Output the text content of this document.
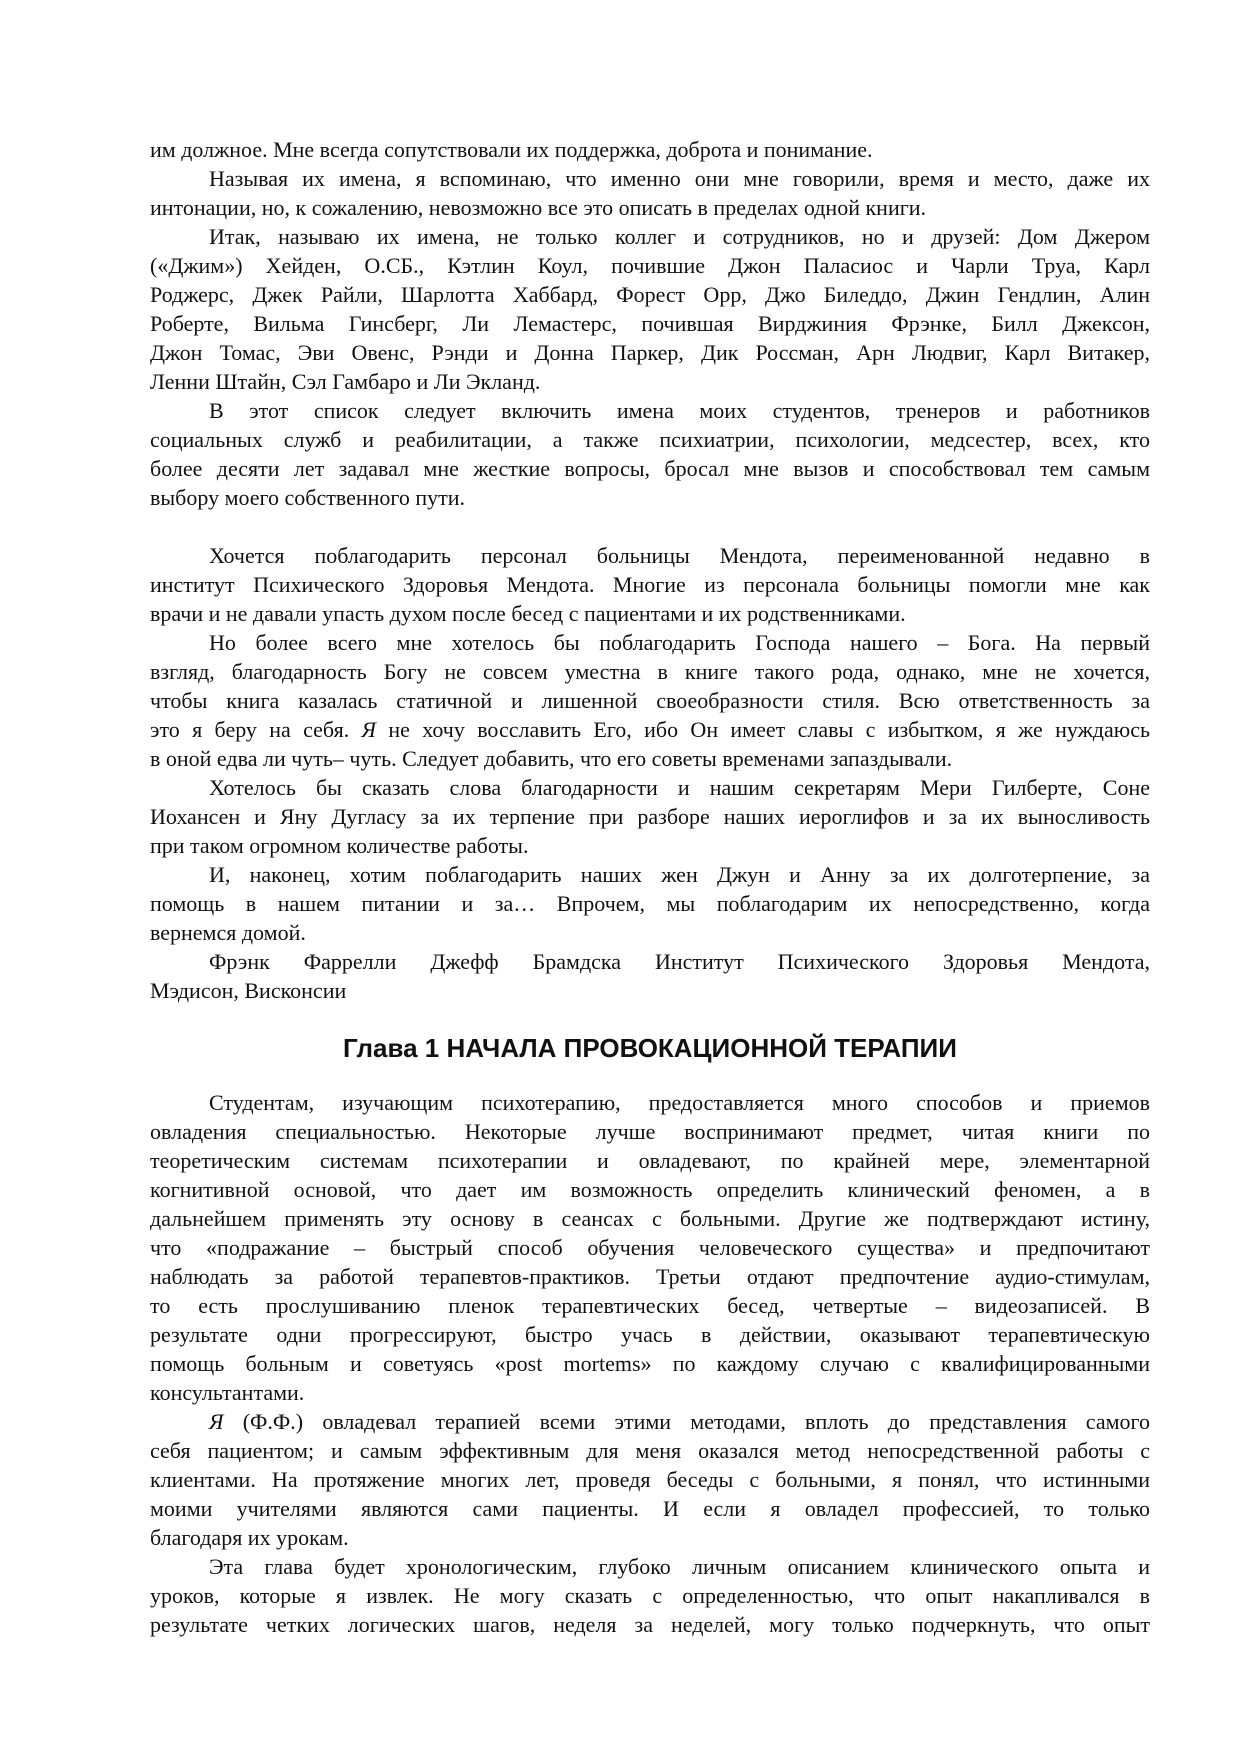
им должное. Мне всегда сопутствовали их поддержка, доброта и понимание.
Называя их имена, я вспоминаю, что именно они мне говорили, время и место, даже их
интонации, но, к сожалению, невозможно все это описать в пределах одной книги.
Итак, называю их имена, не только коллег и сотрудников, но и друзей: Дом Джером
(«Джим») Хейден, О.СБ., Кэтлин Коул, почившие Джон Паласиос и Чарли Труа, Карл
Роджерс, Джек Райли, Шарлотта Хаббард, Форест Орр, Джо Биледдо, Джин Гендлин, Алин
Роберте, Вильма Гинсберг, Ли Лемастерс, почившая Вирджиния Фрэнке, Билл Джексон,
Джон Томас, Эви Овенс, Рэнди и Донна Паркер, Дик Россман, Арн Людвиг, Карл Витакер,
Ленни Штайн, Сэл Гамбаро и Ли Экланд.
В этот список следует включить имена моих студентов, тренеров и работников
социальных служб и реабилитации, а также психиатрии, психологии, медсестер, всех, кто
более десяти лет задавал мне жесткие вопросы, бросал мне вызов и способствовал тем самым
выбору моего собственного пути.
Хочется поблагодарить персонал больницы Мендота, переименованной недавно в
институт Психического Здоровья Мендота. Многие из персонала больницы помогли мне как
врачи и не давали упасть духом после бесед с пациентами и их родственниками.
Но более всего мне хотелось бы поблагодарить Господа нашего – Бога. На первый
взгляд, благодарность Богу не совсем уместна в книге такого рода, однако, мне не хочется,
чтобы книга казалась статичной и лишенной своеобразности стиля. Всю ответственность за
это я беру на себя. Я не хочу восславить Его, ибо Он имеет славы с избытком, я же нуждаюсь
в оной едва ли чуть– чуть. Следует добавить, что его советы временами запаздывали.
Хотелось бы сказать слова благодарности и нашим секретарям Мери Гилберте, Соне
Иохансен и Яну Дугласу за их терпение при разборе наших иероглифов и за их выносливость
при таком огромном количестве работы.
И, наконец, хотим поблагодарить наших жен Джун и Анну за их долготерпение, за
помощь в нашем питании и за… Впрочем, мы поблагодарим их непосредственно, когда
вернемся домой.
Фрэнк Фаррелли Джефф Брамдска Институт Психического Здоровья Мендота,
Мэдисон, Висконсии
Глава 1 НАЧАЛА ПРОВОКАЦИОННОЙ ТЕРАПИИ
Студентам, изучающим психотерапию, предоставляется много способов и приемов
овладения специальностью. Некоторые лучше воспринимают предмет, читая книги по
теоретическим системам психотерапии и овладевают, по крайней мере, элементарной
когнитивной основой, что дает им возможность определить клинический феномен, а в
дальнейшем применять эту основу в сеансах с больными. Другие же подтверждают истину,
что «подражание – быстрый способ обучения человеческого существа» и предпочитают
наблюдать за работой терапевтов-практиков. Третьи отдают предпочтение аудио-стимулам,
то есть прослушиванию пленок терапевтических бесед, четвертые – видеозаписей. В
результате одни прогрессируют, быстро учась в действии, оказывают терапевтическую
помощь больным и советуясь «post mortems» по каждому случаю с квалифицированными
консультантами.
Я (Ф.Ф.) овладевал терапией всеми этими методами, вплоть до представления самого
себя пациентом; и самым эффективным для меня оказался метод непосредственной работы с
клиентами. На протяжение многих лет, проведя беседы с больными, я понял, что истинными
моими учителями являются сами пациенты. И если я овладел профессией, то только
благодаря их урокам.
Эта глава будет хронологическим, глубоко личным описанием клинического опыта и
уроков, которые я извлек. Не могу сказать с определенностью, что опыт накапливался в
результате четких логических шагов, неделя за неделей, могу только подчеркнуть, что опыт
